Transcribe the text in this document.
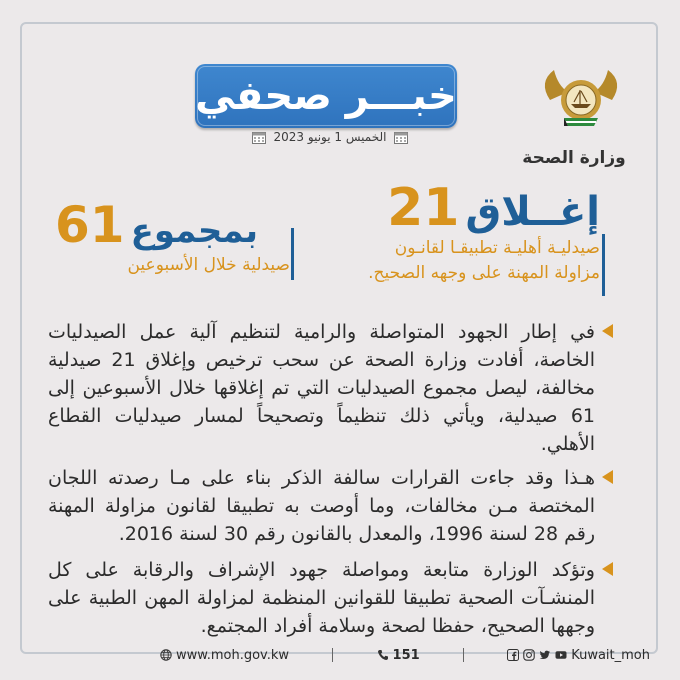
خبـــر صحفي
الخميس 1 يونيو 2023
وزارة الصحة
بمجموع
61
صيدلية خلال الأسبوعين
إغــلاق
21
صيدليـة أهليـة تطبيقـا لقانـون
مزاولة المهنة على وجهه الصحيح.
في إطار الجهود المتواصلة والرامية لتنظيم آلية عمل الصيدليات الخاصة، أفادت وزارة الصحة عن سحب ترخيص وإغلاق 21 صيدلية مخالفة، ليصل مجموع الصيدليات التي تم إغلاقها خلال الأسبوعين إلى 61 صيدلية، ويأتي ذلك تنظيماً وتصحيحاً لمسار صيدليات القطاع الأهلي.
هـذا وقد جاءت القرارات سالفة الذكر بناء على مـا رصدته اللجان المختصة مـن مخالفات، وما أوصت به تطبيقا لقانون مزاولة المهنة رقم 28 لسنة 1996، والمعدل بالقانون رقم 30 لسنة 2016.
وتؤكد الوزارة متابعة ومواصلة جهود الإشراف والرقابة على كل المنشـآت الصحية تطبيقا للقوانين المنظمة لمزاولة المهن الطبية على وجهها الصحيح، حفظا لصحة وسلامة أفراد المجتمع.
www.moh.gov.kw	151	Kuwait_moh
